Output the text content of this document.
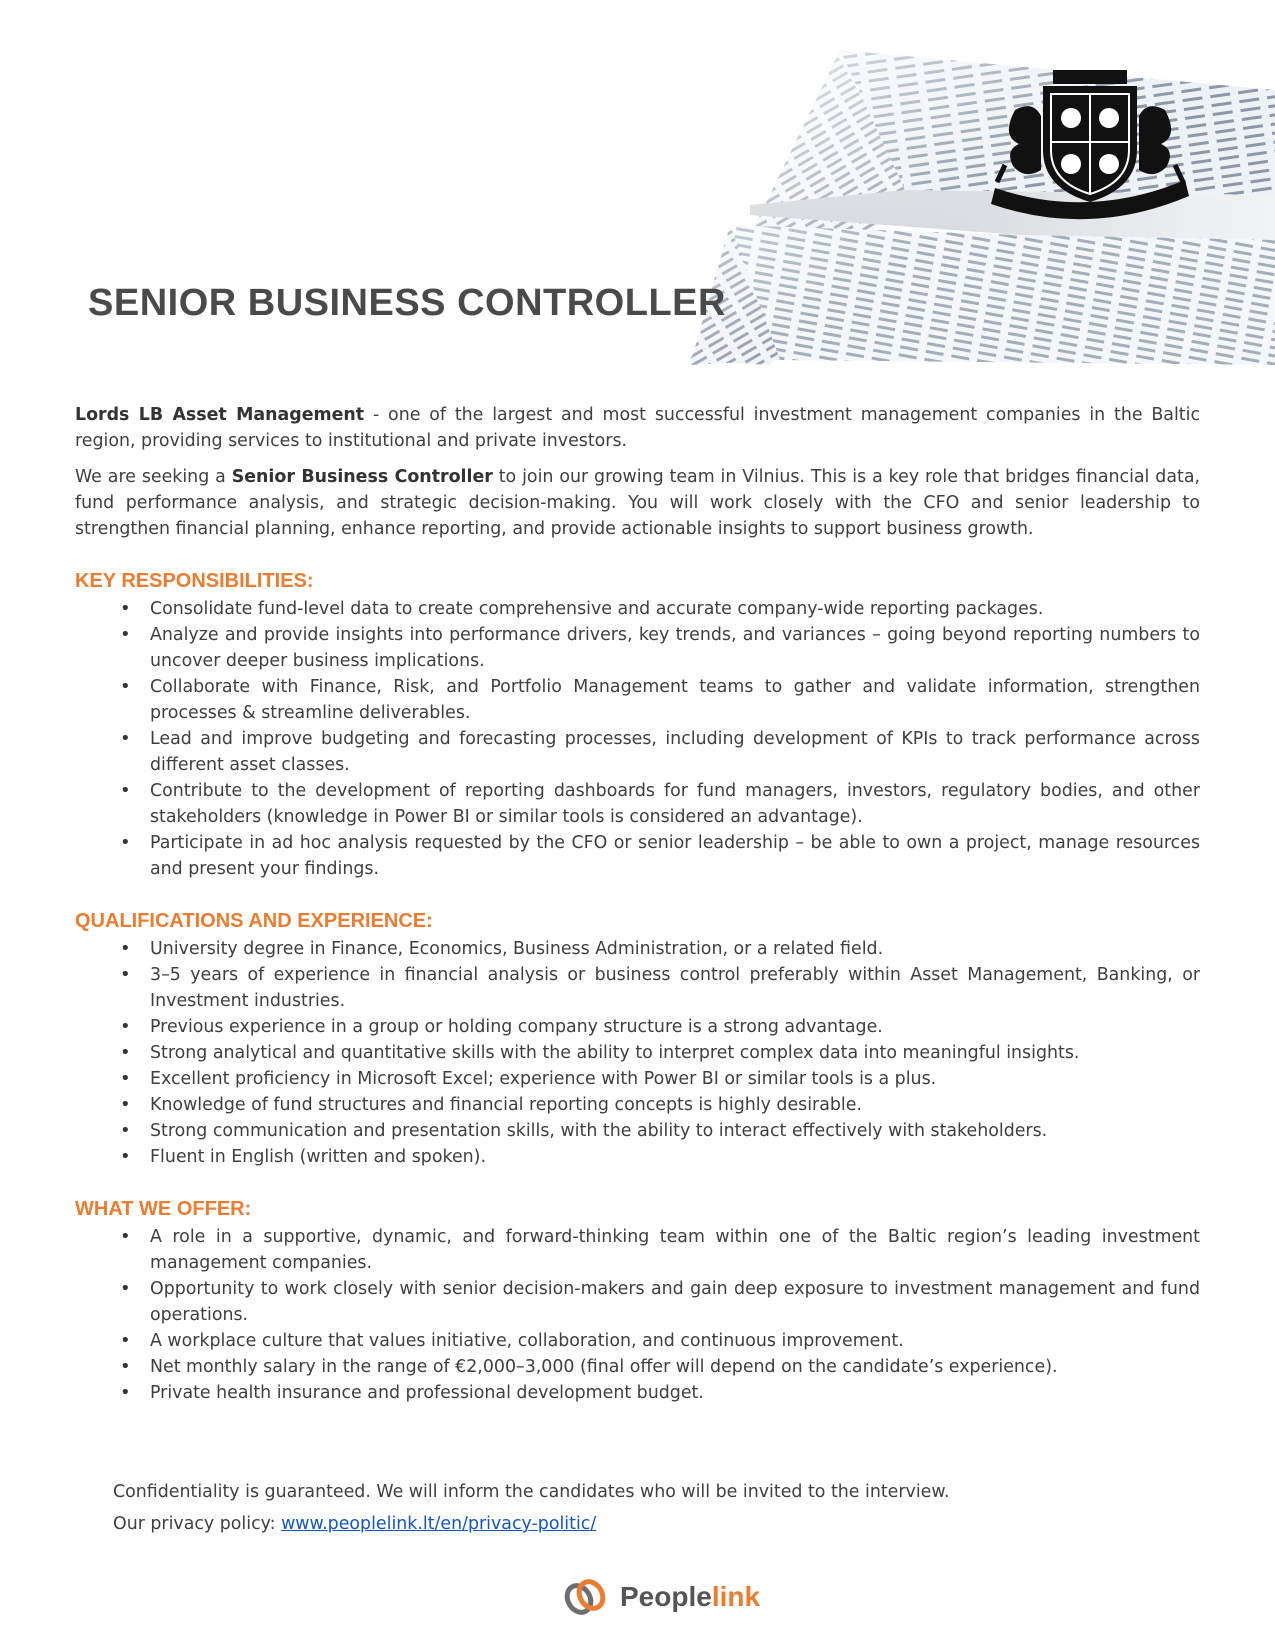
SENIOR BUSINESS CONTROLLER

Lords LB Asset Management - one of the largest and most successful investment management companies in the Baltic region, providing services to institutional and private investors.

We are seeking a Senior Business Controller to join our growing team in Vilnius. This is a key role that bridges financial data, fund performance analysis, and strategic decision-making. You will work closely with the CFO and senior leadership to strengthen financial planning, enhance reporting, and provide actionable insights to support business growth.

KEY RESPONSIBILITIES:
• Consolidate fund-level data to create comprehensive and accurate company-wide reporting packages.
• Analyze and provide insights into performance drivers, key trends, and variances – going beyond reporting numbers to uncover deeper business implications.
• Collaborate with Finance, Risk, and Portfolio Management teams to gather and validate information, strengthen processes & streamline deliverables.
• Lead and improve budgeting and forecasting processes, including development of KPIs to track performance across different asset classes.
• Contribute to the development of reporting dashboards for fund managers, investors, regulatory bodies, and other stakeholders (knowledge in Power BI or similar tools is considered an advantage).
• Participate in ad hoc analysis requested by the CFO or senior leadership – be able to own a project, manage resources and present your findings.
QUALIFICATIONS AND EXPERIENCE:
• University degree in Finance, Economics, Business Administration, or a related field.
• 3–5 years of experience in financial analysis or business control preferably within Asset Management, Banking, or Investment industries.
• Previous experience in a group or holding company structure is a strong advantage.
• Strong analytical and quantitative skills with the ability to interpret complex data into meaningful insights.
• Excellent proficiency in Microsoft Excel; experience with Power BI or similar tools is a plus.
• Knowledge of fund structures and financial reporting concepts is highly desirable.
• Strong communication and presentation skills, with the ability to interact effectively with stakeholders.
• Fluent in English (written and spoken).
WHAT WE OFFER:
• A role in a supportive, dynamic, and forward-thinking team within one of the Baltic region’s leading investment management companies.
• Opportunity to work closely with senior decision-makers and gain deep exposure to investment management and fund operations.
• A workplace culture that values initiative, collaboration, and continuous improvement.
• Net monthly salary in the range of €2,000–3,000 (final offer will depend on the candidate’s experience).
• Private health insurance and professional development budget.
Confidentiality is guaranteed. We will inform the candidates who will be invited to the interview.
Our privacy policy: www.peoplelink.lt/en/privacy-politic/
Peoplelink
